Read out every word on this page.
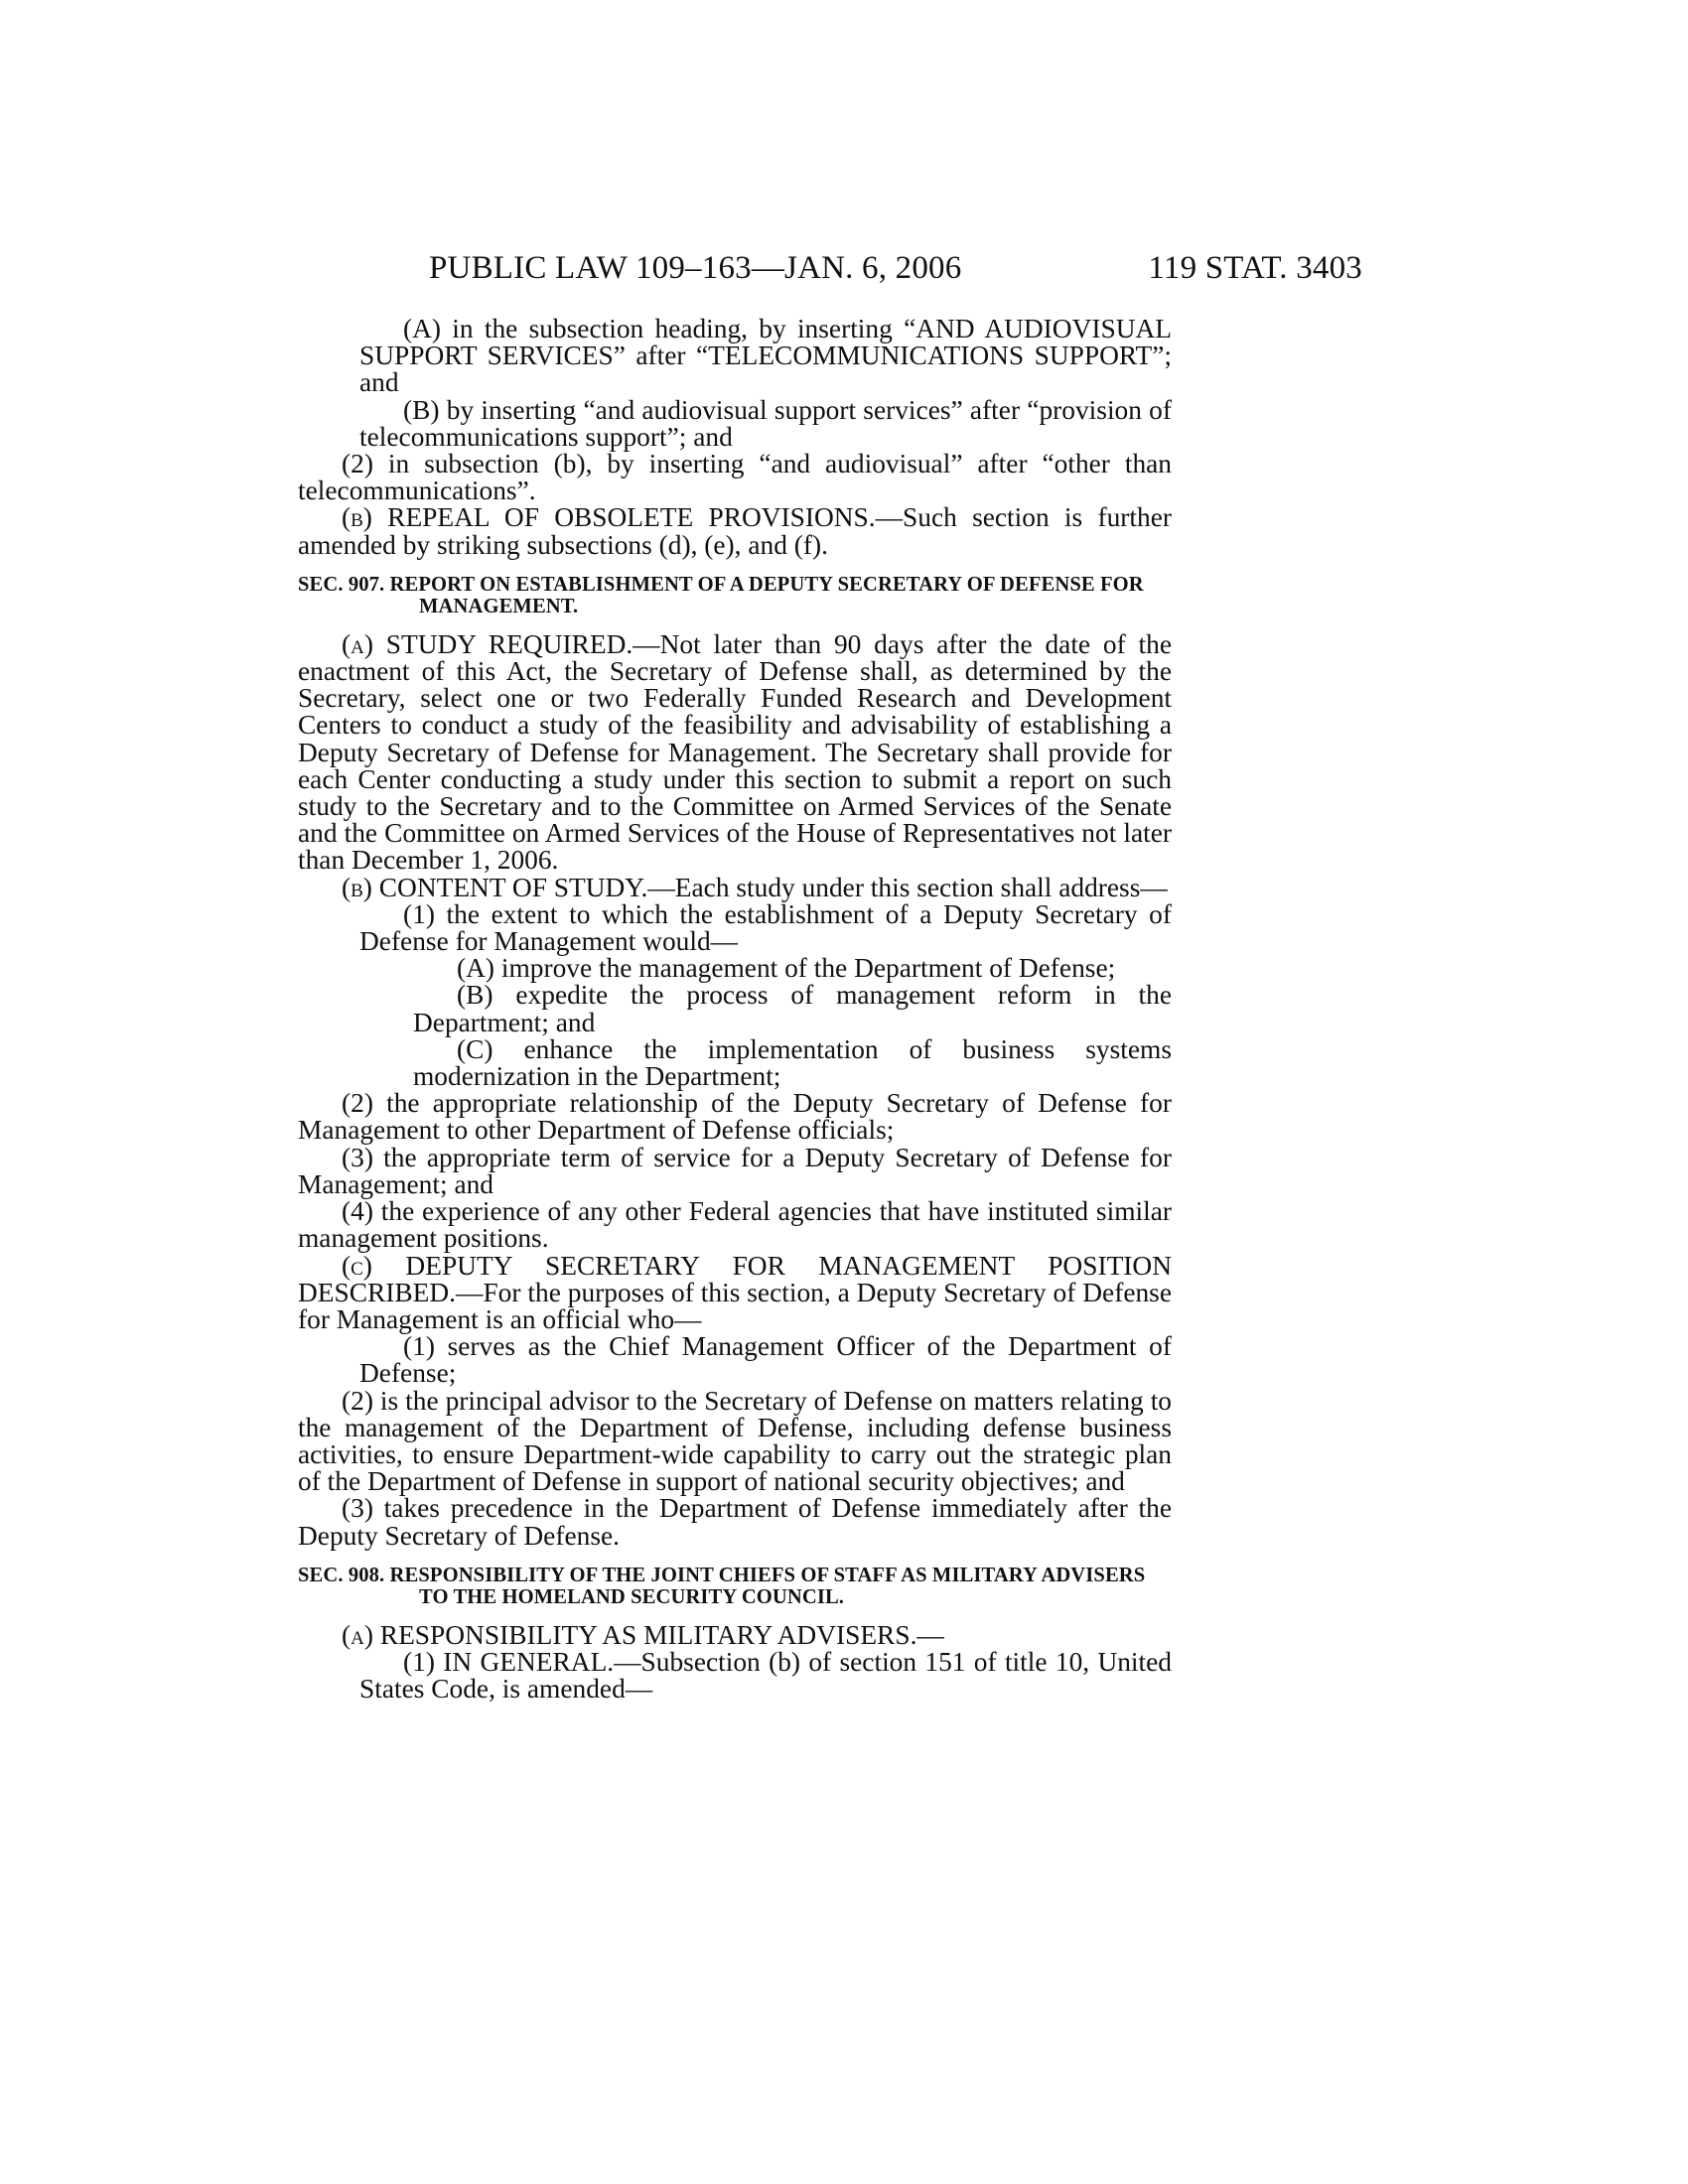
PUBLIC LAW 109–163—JAN. 6, 2006	119 STAT. 3403

(A) in the subsection heading, by inserting “AND AUDIOVISUAL SUPPORT SERVICES” after “TELECOMMUNICATIONS SUPPORT”; and

(B) by inserting “and audiovisual support services” after “provision of telecommunications support”; and

(2) in subsection (b), by inserting “and audiovisual” after “other than telecommunications”.

(b) REPEAL OF OBSOLETE PROVISIONS.—Such section is further amended by striking subsections (d), (e), and (f).

SEC. 907. REPORT ON ESTABLISHMENT OF A DEPUTY SECRETARY OF DEFENSE FOR MANAGEMENT.

(a) STUDY REQUIRED.—Not later than 90 days after the date of the enactment of this Act, the Secretary of Defense shall, as determined by the Secretary, select one or two Federally Funded Research and Development Centers to conduct a study of the feasibility and advisability of establishing a Deputy Secretary of Defense for Management. The Secretary shall provide for each Center conducting a study under this section to submit a report on such study to the Secretary and to the Committee on Armed Services of the Senate and the Committee on Armed Services of the House of Representatives not later than December 1, 2006.

(b) CONTENT OF STUDY.—Each study under this section shall address—

(1) the extent to which the establishment of a Deputy Secretary of Defense for Management would—

(A) improve the management of the Department of Defense;

(B) expedite the process of management reform in the Department; and

(C) enhance the implementation of business systems modernization in the Department;

(2) the appropriate relationship of the Deputy Secretary of Defense for Management to other Department of Defense officials;

(3) the appropriate term of service for a Deputy Secretary of Defense for Management; and

(4) the experience of any other Federal agencies that have instituted similar management positions.

(c) DEPUTY SECRETARY FOR MANAGEMENT POSITION

DESCRIBED.—For the purposes of this section, a Deputy Secretary of Defense for Management is an official who—

(1) serves as the Chief Management Officer of the Department of Defense;

(2) is the principal advisor to the Secretary of Defense on matters relating to the management of the Department of Defense, including defense business activities, to ensure Department-wide capability to carry out the strategic plan of the Department of Defense in support of national security objectives; and

(3) takes precedence in the Department of Defense immediately after the Deputy Secretary of Defense.

SEC. 908. RESPONSIBILITY OF THE JOINT CHIEFS OF STAFF AS MILITARY ADVISERS TO THE HOMELAND SECURITY COUNCIL.

(a) RESPONSIBILITY AS MILITARY ADVISERS.—

(1) IN GENERAL.—Subsection (b) of section 151 of title 10, United States Code, is amended—
